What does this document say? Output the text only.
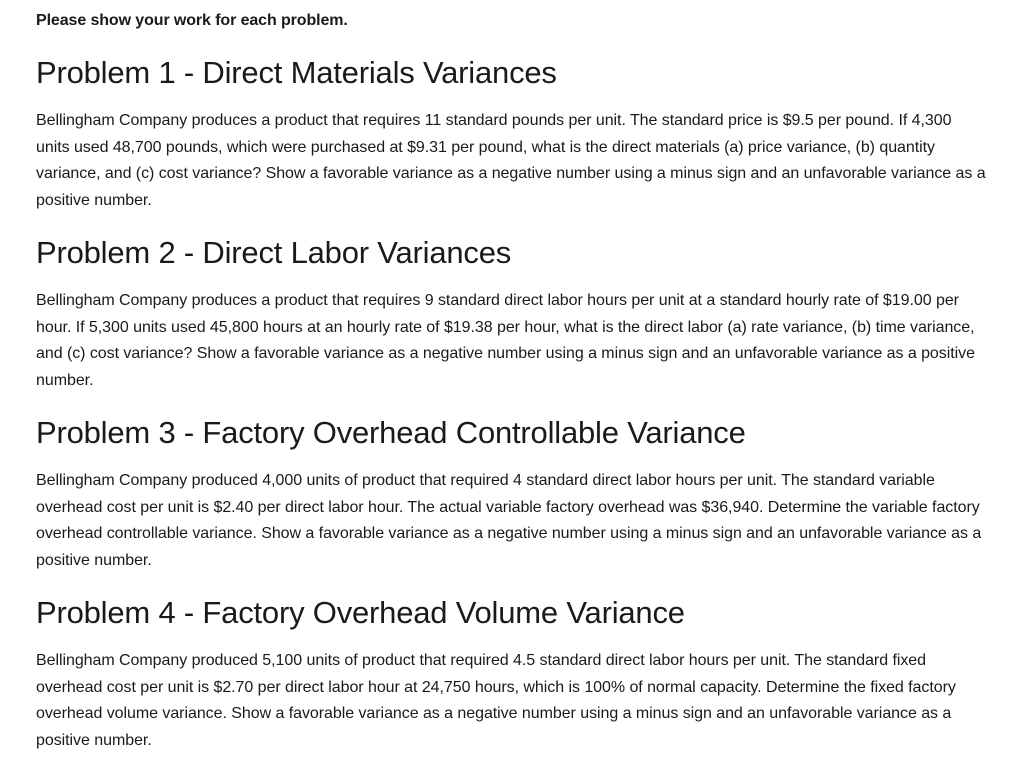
Please show your work for each problem.

Problem 1 - Direct Materials Variances

Bellingham Company produces a product that requires 11 standard pounds per unit. The standard price is $9.5 per pound. If 4,300 units used 48,700 pounds, which were purchased at $9.31 per pound, what is the direct materials (a) price variance, (b) quantity variance, and (c) cost variance? Show a favorable variance as a negative number using a minus sign and an unfavorable variance as a positive number.

Problem 2 - Direct Labor Variances

Bellingham Company produces a product that requires 9 standard direct labor hours per unit at a standard hourly rate of $19.00 per hour. If 5,300 units used 45,800 hours at an hourly rate of $19.38 per hour, what is the direct labor (a) rate variance, (b) time variance, and (c) cost variance? Show a favorable variance as a negative number using a minus sign and an unfavorable variance as a positive number.

Problem 3 - Factory Overhead Controllable Variance

Bellingham Company produced 4,000 units of product that required 4 standard direct labor hours per unit. The standard variable overhead cost per unit is $2.40 per direct labor hour. The actual variable factory overhead was $36,940. Determine the variable factory overhead controllable variance. Show a favorable variance as a negative number using a minus sign and an unfavorable variance as a positive number.

Problem 4 - Factory Overhead Volume Variance

Bellingham Company produced 5,100 units of product that required 4.5 standard direct labor hours per unit. The standard fixed overhead cost per unit is $2.70 per direct labor hour at 24,750 hours, which is 100% of normal capacity. Determine the fixed factory overhead volume variance. Show a favorable variance as a negative number using a minus sign and an unfavorable variance as a positive number.
